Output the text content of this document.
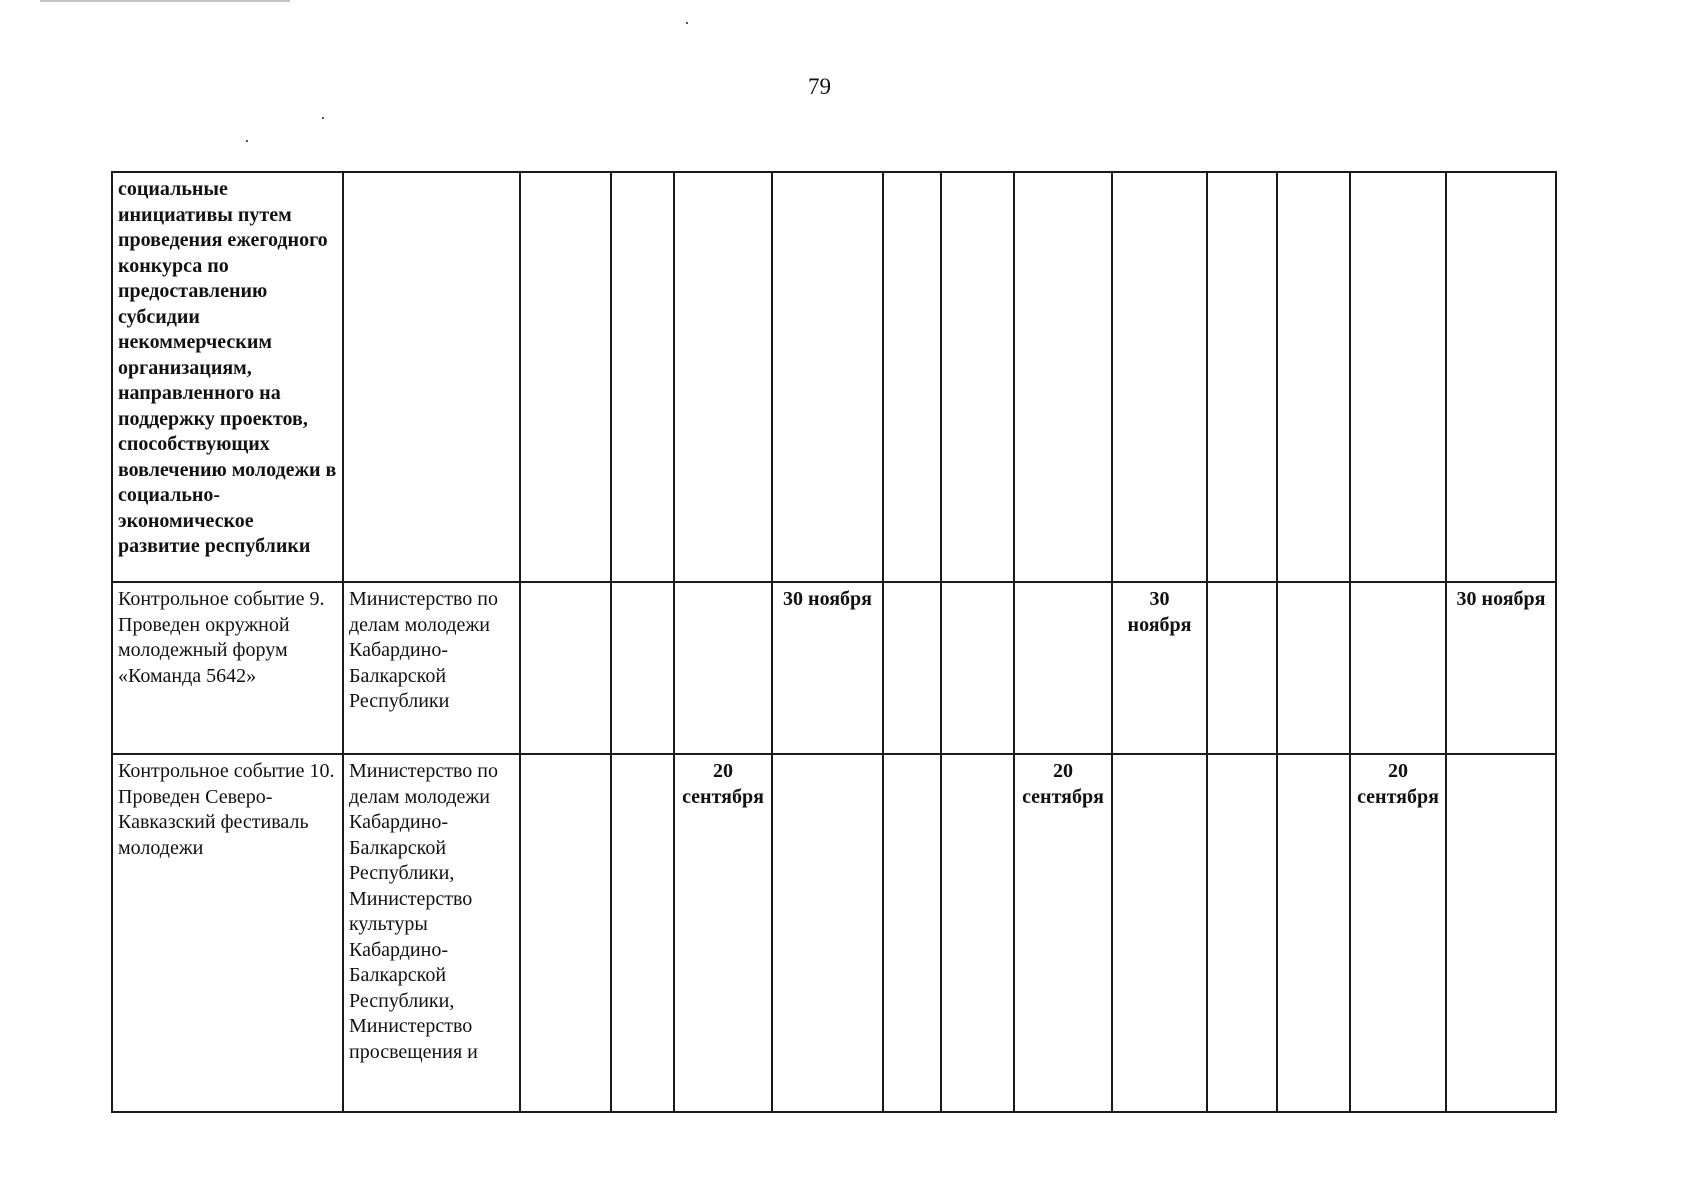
79
социальные инициативы путем проведения ежегодного конкурса по предоставлению субсидии некоммерческим организациям, направленного на поддержку проектов, способствующих вовлечению молодежи в социально-экономическое развитие республики													
Контрольное событие 9. Проведен окружной молодежный форум «Команда 5642»	Министерство по делам молодежи Кабардино-Балкарской Республики				30 ноября				30 ноября				30 ноября
Контрольное событие 10. Проведен Северо-Кавказский фестиваль молодежи	Министерство по делам молодежи Кабардино-Балкарской Республики, Министерство культуры Кабардино-Балкарской Республики, Министерство просвещения и			20 сентября				20 сентября				20 сентября	
